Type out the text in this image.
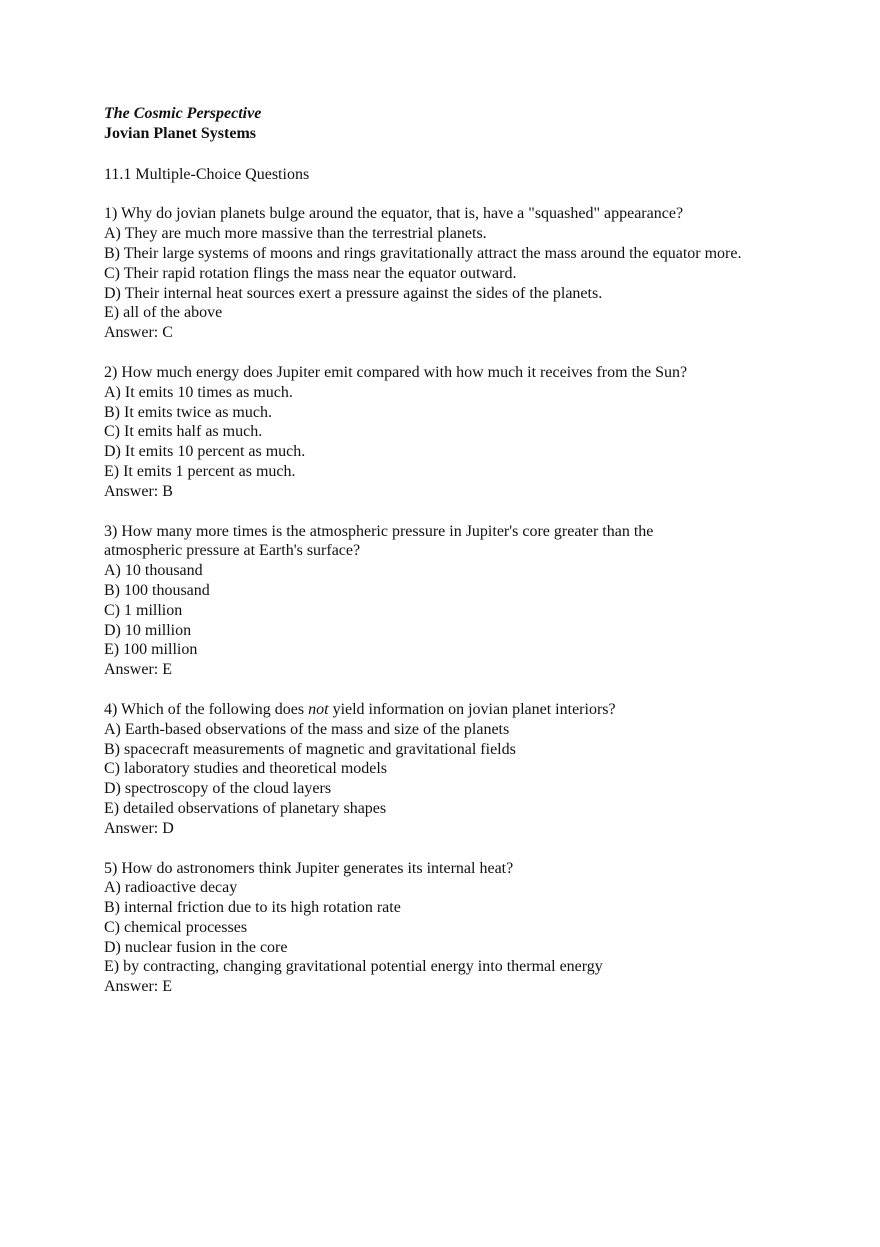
The Cosmic Perspective
Jovian Planet Systems
11.1 Multiple-Choice Questions
1) Why do jovian planets bulge around the equator, that is, have a "squashed" appearance?
A) They are much more massive than the terrestrial planets.
B) Their large systems of moons and rings gravitationally attract the mass around the equator more.
C) Their rapid rotation flings the mass near the equator outward.
D) Their internal heat sources exert a pressure against the sides of the planets.
E) all of the above
Answer: C
2) How much energy does Jupiter emit compared with how much it receives from the Sun?
A) It emits 10 times as much.
B) It emits twice as much.
C) It emits half as much.
D) It emits 10 percent as much.
E) It emits 1 percent as much.
Answer: B
3) How many more times is the atmospheric pressure in Jupiter's core greater than the
atmospheric pressure at Earth's surface?
A) 10 thousand
B) 100 thousand
C) 1 million
D) 10 million
E) 100 million
Answer: E
4) Which of the following does not yield information on jovian planet interiors?
A) Earth-based observations of the mass and size of the planets
B) spacecraft measurements of magnetic and gravitational fields
C) laboratory studies and theoretical models
D) spectroscopy of the cloud layers
E) detailed observations of planetary shapes
Answer: D
5) How do astronomers think Jupiter generates its internal heat?
A) radioactive decay
B) internal friction due to its high rotation rate
C) chemical processes
D) nuclear fusion in the core
E) by contracting, changing gravitational potential energy into thermal energy
Answer: E
